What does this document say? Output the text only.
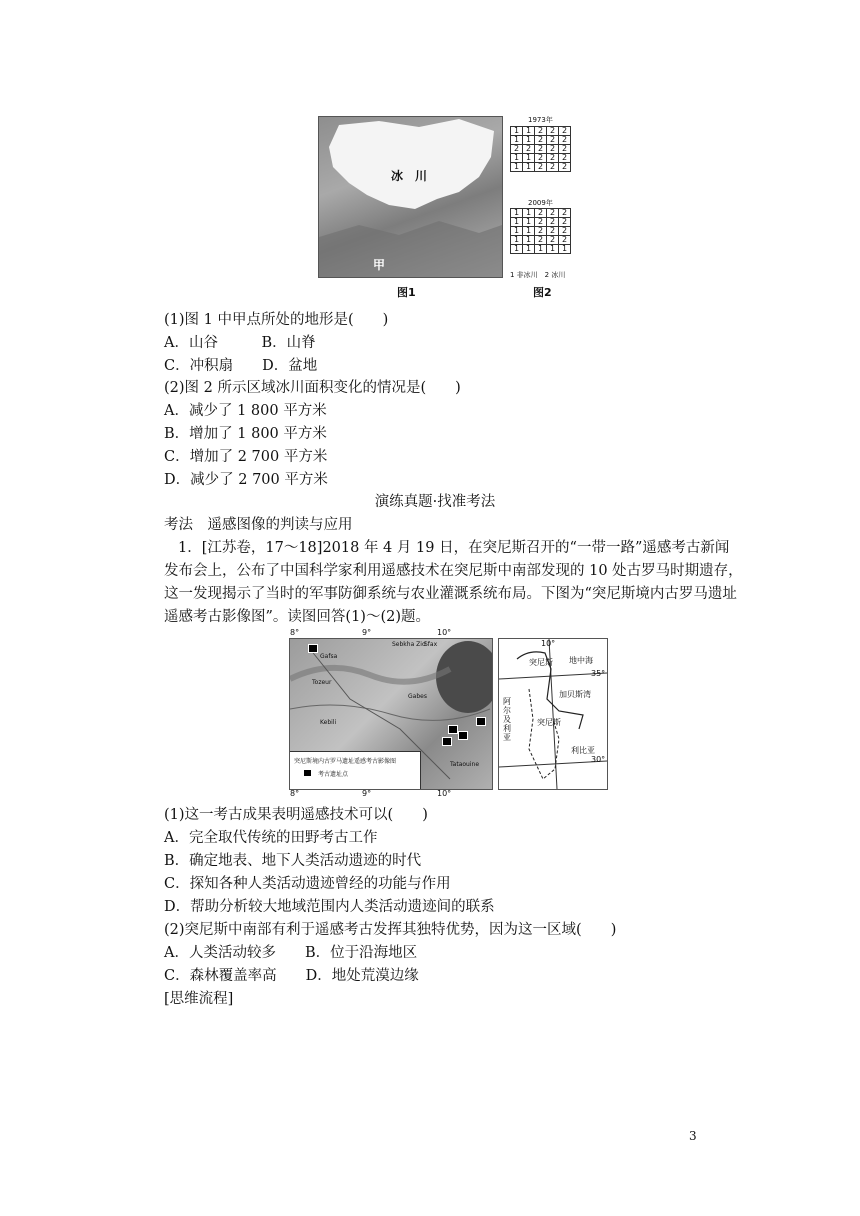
冰　川
甲
图1
1973年
1	1	2	2	2
1	1	2	2	2
2	2	2	2	2
1	1	2	2	2
1	1	2	2	2
2009年
1	1	2	2	2
1	1	2	2	2
1	1	2	2	2
1	1	2	2	2
1	1	1	1	1
1 非冰川　2 冰川
图2
(1)图 1 中甲点所处的地形是(　　)
A．山谷　　　B．山脊
C．冲积扇　　D．盆地
(2)图 2 所示区域冰川面积变化的情况是(　　)
A．减少了 1 800 平方米
B．增加了 1 800 平方米
C．增加了 2 700 平方米
D．减少了 2 700 平方米
演练真题·找准考法
考法　遥感图像的判读与应用
1．[江苏卷，17～18]2018 年 4 月 19 日，在突尼斯召开的“一带一路”遥感考古新闻
发布会上，公布了中国科学家利用遥感技术在突尼斯中南部发现的 10 处古罗马时期遗存，
这一发现揭示了当时的军事防御系统与农业灌溉系统布局。下图为“突尼斯境内古罗马遗址
遥感考古影像图”。读图回答(1)～(2)题。
8°	9°	10°
Sebkha Zid
Gafsa
Tozeur
Gabes
Kebili
Tataouine
Sfax
突尼斯境内古罗马遗址遥感考古影像图
考古遗址点
8°	9°	10°
10°
35°
30°
突尼斯 地中海
加贝斯湾
阿尔及利亚
突尼斯
利比亚
(1)这一考古成果表明遥感技术可以(　　)
A．完全取代传统的田野考古工作
B．确定地表、地下人类活动遗迹的时代
C．探知各种人类活动遗迹曾经的功能与作用
D．帮助分析较大地域范围内人类活动遗迹间的联系
(2)突尼斯中南部有利于遥感考古发挥其独特优势，因为这一区域(　　)
A．人类活动较多　　B．位于沿海地区
C．森林覆盖率高　　D．地处荒漠边缘
[思维流程]
3
